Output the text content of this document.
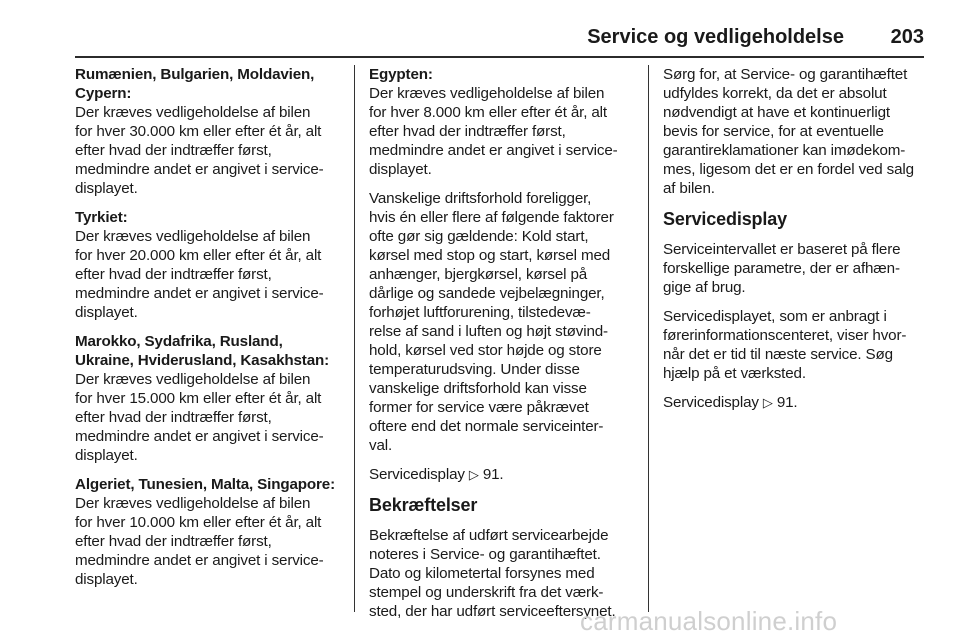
Service og vedligeholdelse 203
Rumænien, Bulgarien, Moldavien,
Cypern:
Der kræves vedligeholdelse af bilen
for hver 30.000 km eller efter ét år, alt
efter hvad der indtræffer først,
medmindre andet er angivet i service-
displayet.
Tyrkiet:
Der kræves vedligeholdelse af bilen
for hver 20.000 km eller efter ét år, alt
efter hvad der indtræffer først,
medmindre andet er angivet i service-
displayet.
Marokko, Sydafrika, Rusland,
Ukraine, Hviderusland, Kasakhstan:
Der kræves vedligeholdelse af bilen
for hver 15.000 km eller efter ét år, alt
efter hvad der indtræffer først,
medmindre andet er angivet i service-
displayet.
Algeriet, Tunesien, Malta, Singapore:
Der kræves vedligeholdelse af bilen
for hver 10.000 km eller efter ét år, alt
efter hvad der indtræffer først,
medmindre andet er angivet i service-
displayet.
Egypten:
Der kræves vedligeholdelse af bilen
for hver 8.000 km eller efter ét år, alt
efter hvad der indtræffer først,
medmindre andet er angivet i service-
displayet.
Vanskelige driftsforhold foreligger,
hvis én eller flere af følgende faktorer
ofte gør sig gældende: Kold start,
kørsel med stop og start, kørsel med
anhænger, bjergkørsel, kørsel på
dårlige og sandede vejbelægninger,
forhøjet luftforurening, tilstedevæ-
relse af sand i luften og højt støvind-
hold, kørsel ved stor højde og store
temperaturudsving. Under disse
vanskelige driftsforhold kan visse
former for service være påkrævet
oftere end det normale serviceinter-
val.
Servicedisplay ▷ 91.
Bekræftelser
Bekræftelse af udført servicearbejde
noteres i Service- og garantihæftet.
Dato og kilometertal forsynes med
stempel og underskrift fra det værk-
sted, der har udført serviceeftersynet.
Sørg for, at Service- og garantihæftet
udfyldes korrekt, da det er absolut
nødvendigt at have et kontinuerligt
bevis for service, for at eventuelle
garantireklamationer kan imødekom-
mes, ligesom det er en fordel ved salg
af bilen.
Servicedisplay
Serviceintervallet er baseret på flere
forskellige parametre, der er afhæn-
gige af brug.
Servicedisplayet, som er anbragt i
førerinformationscenteret, viser hvor-
når det er tid til næste service. Søg
hjælp på et værksted.
Servicedisplay ▷ 91.
carmanualsonline.info
